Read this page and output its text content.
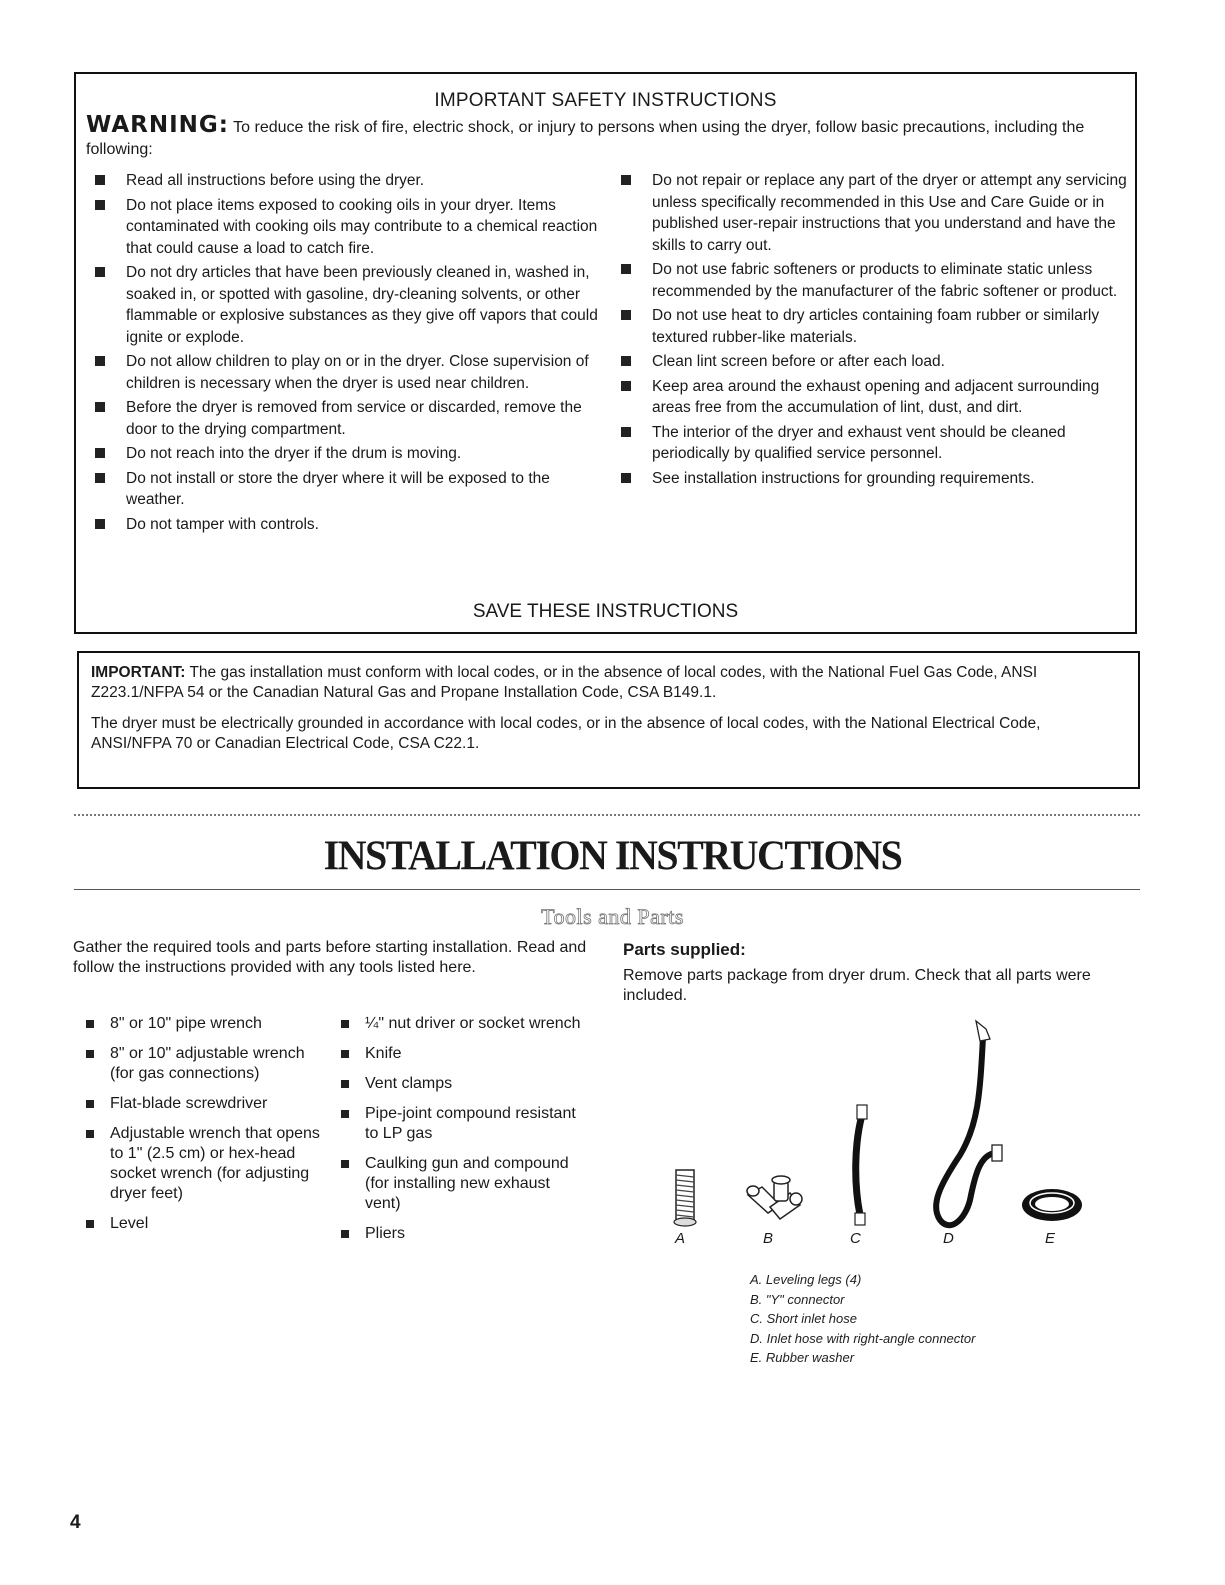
IMPORTANT SAFETY INSTRUCTIONS
WARNING: To reduce the risk of fire, electric shock, or injury to persons when using the dryer, follow basic precautions, including the following:
Read all instructions before using the dryer.
Do not place items exposed to cooking oils in your dryer. Items contaminated with cooking oils may contribute to a chemical reaction that could cause a load to catch fire.
Do not dry articles that have been previously cleaned in, washed in, soaked in, or spotted with gasoline, dry-cleaning solvents, or other flammable or explosive substances as they give off vapors that could ignite or explode.
Do not allow children to play on or in the dryer. Close supervision of children is necessary when the dryer is used near children.
Before the dryer is removed from service or discarded, remove the door to the drying compartment.
Do not reach into the dryer if the drum is moving.
Do not install or store the dryer where it will be exposed to the weather.
Do not tamper with controls.
Do not repair or replace any part of the dryer or attempt any servicing unless specifically recommended in this Use and Care Guide or in published user-repair instructions that you understand and have the skills to carry out.
Do not use fabric softeners or products to eliminate static unless recommended by the manufacturer of the fabric softener or product.
Do not use heat to dry articles containing foam rubber or similarly textured rubber-like materials.
Clean lint screen before or after each load.
Keep area around the exhaust opening and adjacent surrounding areas free from the accumulation of lint, dust, and dirt.
The interior of the dryer and exhaust vent should be cleaned periodically by qualified service personnel.
See installation instructions for grounding requirements.
SAVE THESE INSTRUCTIONS

IMPORTANT: The gas installation must conform with local codes, or in the absence of local codes, with the National Fuel Gas Code, ANSI Z223.1/NFPA 54 or the Canadian Natural Gas and Propane Installation Code, CSA B149.1.

The dryer must be electrically grounded in accordance with local codes, or in the absence of local codes, with the National Electrical Code, ANSI/NFPA 70 or Canadian Electrical Code, CSA C22.1.

INSTALLATION INSTRUCTIONS
Tools and Parts
Gather the required tools and parts before starting installation. Read and follow the instructions provided with any tools listed here.
8" or 10" pipe wrench
8" or 10" adjustable wrench (for gas connections)
Flat-blade screwdriver
Adjustable wrench that opens to 1" (2.5 cm) or hex-head socket wrench (for adjusting dryer feet)
Level
¼" nut driver or socket wrench
Knife
Vent clamps
Pipe-joint compound resistant to LP gas
Caulking gun and compound (for installing new exhaust vent)
Pliers
Parts supplied:
Remove parts package from dryer drum. Check that all parts were included.
A	B	C	D	E
A. Leveling legs (4)
B. "Y" connector
C. Short inlet hose
D. Inlet hose with right-angle connector
E. Rubber washer
4
